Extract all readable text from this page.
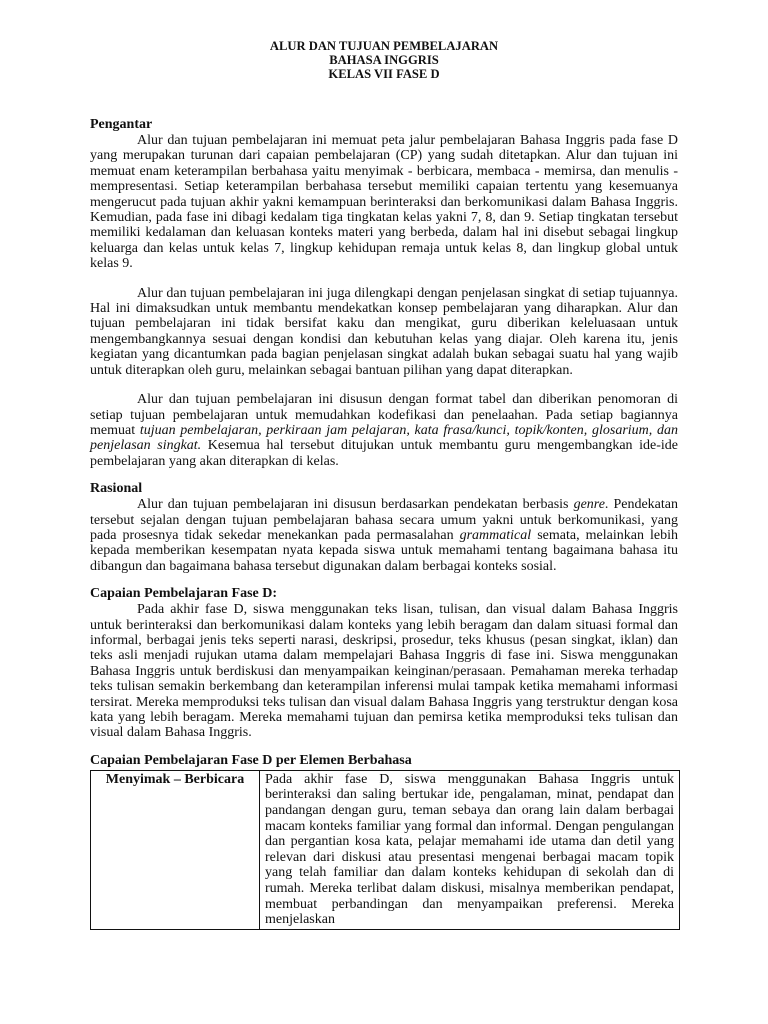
ALUR DAN TUJUAN PEMBELAJARAN
BAHASA INGGRIS
KELAS VII FASE D
Pengantar

Alur dan tujuan pembelajaran ini memuat peta jalur pembelajaran Bahasa Inggris pada fase D yang merupakan turunan dari capaian pembelajaran (CP) yang sudah ditetapkan. Alur dan tujuan ini memuat enam keterampilan berbahasa yaitu menyimak - berbicara, membaca - memirsa, dan menulis - mempresentasi. Setiap keterampilan berbahasa tersebut memiliki capaian tertentu yang kesemuanya mengerucut pada tujuan akhir yakni kemampuan berinteraksi dan berkomunikasi dalam Bahasa Inggris. Kemudian, pada fase ini dibagi kedalam tiga tingkatan kelas yakni 7, 8, dan 9. Setiap tingkatan tersebut memiliki kedalaman dan keluasan konteks materi yang berbeda, dalam hal ini disebut sebagai lingkup keluarga dan kelas untuk kelas 7, lingkup kehidupan remaja untuk kelas 8, dan lingkup global untuk kelas 9.

Alur dan tujuan pembelajaran ini juga dilengkapi dengan penjelasan singkat di setiap tujuannya. Hal ini dimaksudkan untuk membantu mendekatkan konsep pembelajaran yang diharapkan. Alur dan tujuan pembelajaran ini tidak bersifat kaku dan mengikat, guru diberikan keleluasaan untuk mengembangkannya sesuai dengan kondisi dan kebutuhan kelas yang diajar. Oleh karena itu, jenis kegiatan yang dicantumkan pada bagian penjelasan singkat adalah bukan sebagai suatu hal yang wajib untuk diterapkan oleh guru, melainkan sebagai bantuan pilihan yang dapat diterapkan.

Alur dan tujuan pembelajaran ini disusun dengan format tabel dan diberikan penomoran di setiap tujuan pembelajaran untuk memudahkan kodefikasi dan penelaahan. Pada setiap bagiannya memuat tujuan pembelajaran, perkiraan jam pelajaran, kata frasa/kunci, topik/konten, glosarium, dan penjelasan singkat. Kesemua hal tersebut ditujukan untuk membantu guru mengembangkan ide-ide pembelajaran yang akan diterapkan di kelas.

Rasional

Alur dan tujuan pembelajaran ini disusun berdasarkan pendekatan berbasis genre. Pendekatan tersebut sejalan dengan tujuan pembelajaran bahasa secara umum yakni untuk berkomunikasi, yang pada prosesnya tidak sekedar menekankan pada permasalahan grammatical semata, melainkan lebih kepada memberikan kesempatan nyata kepada siswa untuk memahami tentang bagaimana bahasa itu dibangun dan bagaimana bahasa tersebut digunakan dalam berbagai konteks sosial.

Capaian Pembelajaran Fase D:

Pada akhir fase D, siswa menggunakan teks lisan, tulisan, dan visual dalam Bahasa Inggris untuk berinteraksi dan berkomunikasi dalam konteks yang lebih beragam dan dalam situasi formal dan informal, berbagai jenis teks seperti narasi, deskripsi, prosedur, teks khusus (pesan singkat, iklan) dan teks asli menjadi rujukan utama dalam mempelajari Bahasa Inggris di fase ini. Siswa menggunakan Bahasa Inggris untuk berdiskusi dan menyampaikan keinginan/perasaan. Pemahaman mereka terhadap teks tulisan semakin berkembang dan keterampilan inferensi mulai tampak ketika memahami informasi tersirat. Mereka memproduksi teks tulisan dan visual dalam Bahasa Inggris yang terstruktur dengan kosa kata yang lebih beragam. Mereka memahami tujuan dan pemirsa ketika memproduksi teks tulisan dan visual dalam Bahasa Inggris.

Capaian Pembelajaran Fase D per Elemen Berbahasa
Menyimak – Berbicara	Pada akhir fase D, siswa menggunakan Bahasa Inggris untuk berinteraksi dan saling bertukar ide, pengalaman, minat, pendapat dan pandangan dengan guru, teman sebaya dan orang lain dalam berbagai macam konteks familiar yang formal dan informal. Dengan pengulangan dan pergantian kosa kata, pelajar memahami ide utama dan detil yang relevan dari diskusi atau presentasi mengenai berbagai macam topik yang telah familiar dan dalam konteks kehidupan di sekolah dan di rumah. Mereka terlibat dalam diskusi, misalnya memberikan pendapat, membuat perbandingan dan menyampaikan preferensi. Mereka menjelaskan
